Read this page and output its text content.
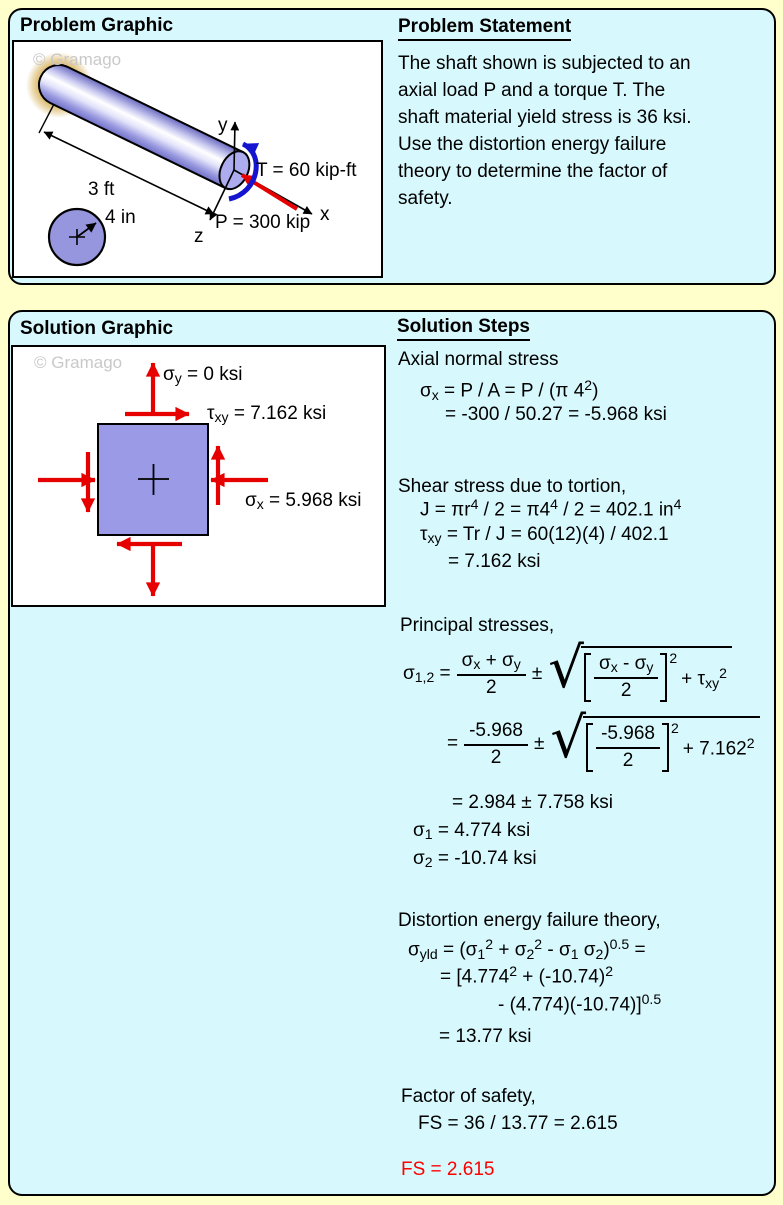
Problem Graphic
© Gramago
3 ft
4 in
y
x
z
T = 60 kip-ft
P = 300 kip
Problem Statement
The shaft shown is subjected to an
axial load P and a torque T. The
shaft material yield stress is 36 ksi.
Use the distortion energy failure
theory to determine the factor of
safety.
Solution Graphic
© Gramago
$\sigma_y = 0$ ksi
$\tau_{xy} = 7.162$ ksi
$\sigma_x = 5.968$ ksi
Solution Steps
Axial normal stress
$\sigma_x = P / A = P / (\pi$ $4^2$)
= -300 / 50.27 = -5.968 ksi
Shear stress due to tortion,
$J = \pi r^4 / 2 = \pi 4^4 / 2 = 402.1$ $in^4$
$\tau_{xy} = Tr / J = 60(12)(4) / 402.1$
= 7.162 ksi
Principal stresses,
$\sigma_{1,2} = \frac{\sigma_x + \sigma_y}{2}$ ± √ $\frac{\sigma_x - \sigma_y}{2} 2$
+ $\tau_{xy}^2$
= $\frac{-5.968}{2}$ ± √ $\frac{-5.968}{2} 2$
+ $7.162^2$
= 2.984 ± 7.758 ksi
$\sigma_1 = 4.774$ ksi
$\sigma_2 = -10.74$ ksi
Distortion energy failure theory,
$\sigma_{yld} = (\sigma_1^2 + \sigma_2^2 - \sigma_1$ $\sigma_2)^{0.5}$ =
= [$4.774^2 + (-10.74)^2$
- (4.774)(-10.74)]$^{0.5}$
= 13.77 ksi
Factor of safety,
FS = 36 / 13.77 = 2.615
FS = 2.615
